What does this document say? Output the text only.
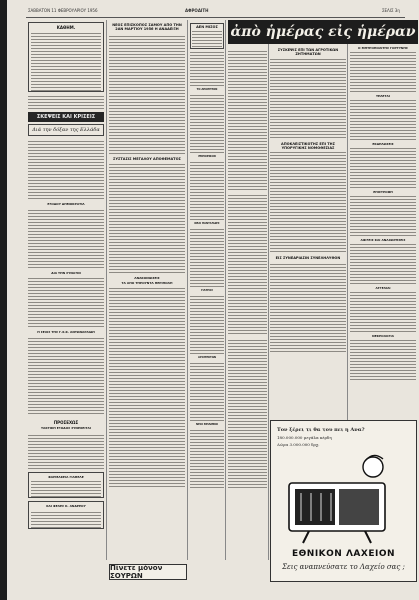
ΣΑΒΒΑΤΟΝ 11 ΦΕΒΡΟΥΑΡΙΟΥ 1956	ΑΦΡΟΔΙΤΗ	ΣΕΛΙΣ 3η
ΚΑΘΗΜ.
ΣΚΕΨΕΙΣ ΚΑΙ ΚΡΙΣΕΙΣ
Διά την δόξαν της Ελλάδα
ΕΞΟΔΟΥ ΔΗΜΟΚΡΑΤΙΑ
ΔΙΑ ΤΗΝ ΣΥΝΑΞΙΝ
Η ΣΕΛΙΣ ΤΗΣ Γ.Χ.Κ. ΑΝΤΩΝΑΡΑΙΔΗ
ΠΡΟΣΕΧΩΣ
ΤΑΚΤΙΚΗ ΕΞΟΔΟΣ ΣΥΝΕΧΕΙΤΑΙ
ΦΑΡΜΑΚΕΙΑ ΓΙΑΘΕΛΕ
ΚΑΙ ΦΕΛΕΣ Κ. ΑΝΔΡΕΟΥ
ΝΕΟΣ ΕΠΙΣΚΟΠΟΣ ΣΑΜΟΥ ΑΠΟ ΤΗΝ 2ΑΝ ΜΑΡΤΙΟΥ 1956 Η ΑΝΑΔΕΙΞΗ
ΣΥΣΤΑΣΙΣ ΜΕΓΑΛΟΥ ΑΠΟΘΕΜΑΤΟΣ
ΑΝΑΚΟΙΝΩΣΕΙΣ
ΤΑ ΑΠΟ ΤΗΡΟΥΝΤΑ ΠΕΡΙΠΟΛΗ
Πίνετε μόνον ΣΟΥΡΩΝ
ΔΕΝ ΜΙΣΟΣ
ΤΟ ΑΠΟΡΗΤΟΝ
ΕΜΠΟΡΙΚΟΝ
ΝΕΑΙ ΠΑΝΤΑΞΙΔΕΣ
ΓΙΑΤΡΟΣ
ΑΡΧΙΤΕΚΤΩΝ
ΝΕΟΙ ΘΡΙΑΜΒΟΙ
ἀπὸ ἡμέρας εἰς ἡμέραν
ΣΥΣΚΕΨΙΣ ΕΠΙ ΤΩΝ ΑΓΡΟΤΙΚΩΝ ΖΗΤΗΜΑΤΩΝ
ΑΠΟΚΛΕΙΣΤΙΚΟΤΗΣ ΕΠΙ ΤΗΣ ΥΠΟΡΥΓΙΚΗΣ ΝΟΜΟΘΕΣΙΑΣ
ΕΙΣ ΣΥΝΕΔΡΙΑΣΙΝ ΣΥΝΕΛΗΛΥΘΟΝ
Ο ΜΗΤΡΟΠΟΛΙΤΗΣ ΓΟΡΤΥΝΗΣ
ΤΕΛΕΤΑΙ
ΕΚΔΗΛΩΣΕΙΣ
ΕΠΙΣΤΡΟΦΗ
ΑΦΙΞΕΙΣ ΚΑΙ ΑΝΑΧΩΡΗΣΕΙΣ
ΑΓΓΕΛΙΑΙ
ΝΕΚΡΟΛΟΓΙΑ
Τον ξέρει τι θα του πει η Ανα?
180.000.000 μεγάλα κέρδη
Δώρα 3.000.000 δρχ.
ΕΘΝΙΚΟΝ ΛΑΧΕΙΟΝ
Σεις αναπνεύσατε το Λαχείο σας ;
